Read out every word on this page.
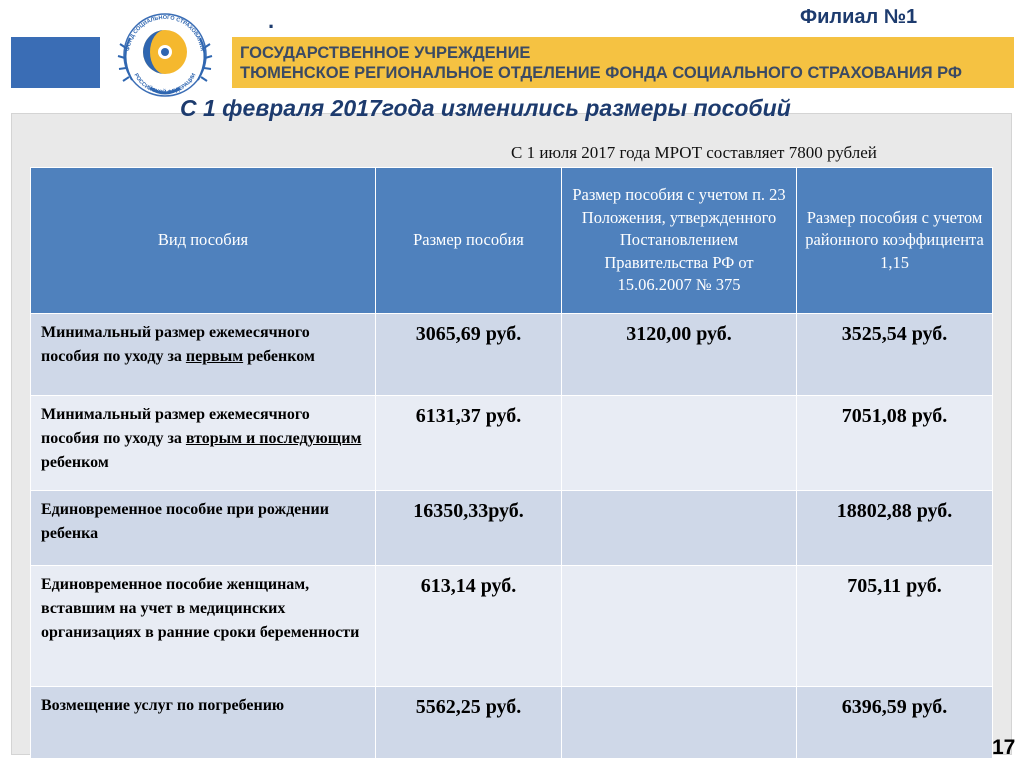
ФОНД СОЦИАЛЬНОГО СТРАХОВАНИЯ
РОССИЙСКОЙ ФЕДЕРАЦИИ
.	Филиал №1
ГОСУДАРСТВЕННОЕ УЧРЕЖДЕНИЕ
ТЮМЕНСКОЕ РЕГИОНАЛЬНОЕ ОТДЕЛЕНИЕ ФОНДА СОЦИАЛЬНОГО СТРАХОВАНИЯ РФ
С 1 февраля 2017года изменились размеры пособий
С 1 июля 2017 года МРОТ составляет 7800 рублей
Вид пособия	Размер пособия	Размер пособия с учетом п. 23 Положения, утвержденного Постановлением Правительства РФ от 15.06.2007 № 375	Размер пособия с учетом районного коэффициента 1,15
Минимальный размер ежемесячного пособия по уходу за первым ребенком	3065,69 руб.	3120,00 руб.	3525,54 руб.
Минимальный размер ежемесячного пособия по уходу за вторым и последующим ребенком	6131,37 руб.		7051,08 руб.
Единовременное пособие при рождении ребенка	16350,33руб.		18802,88 руб.
Единовременное пособие женщинам, вставшим на учет в медицинских организациях в ранние сроки беременности	613,14 руб.		705,11 руб.
Возмещение услуг по погребению	5562,25 руб.		6396,59 руб.
17
